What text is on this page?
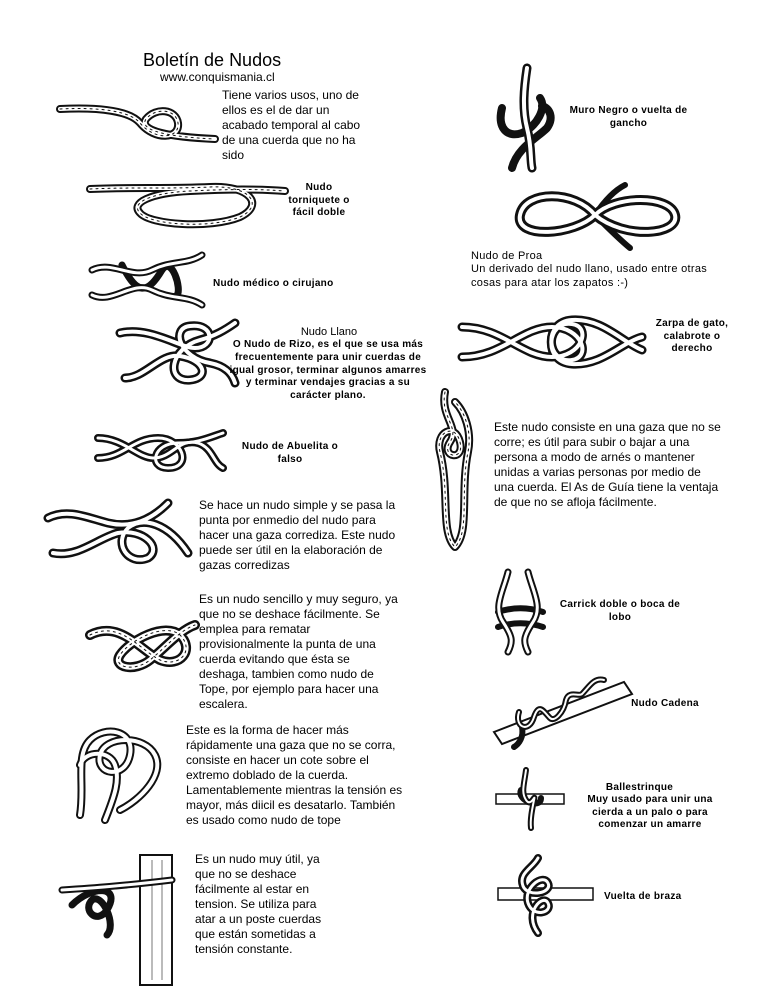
Boletín de Nudos
www.conquismania.cl
Tiene varios usos, uno de ellos es el de dar un acabado temporal al cabo de una cuerda que no ha sido
Nudo torniquete o fácil doble
Nudo médico o cirujano
Nudo Llano
O Nudo de Rizo, es el que se usa más frecuentemente para unir cuerdas de igual grosor, terminar algunos amarres y terminar vendajes gracias a su carácter plano.
Nudo de Abuelita o falso
Se hace un nudo simple y se pasa la punta por enmedio del nudo para hacer una gaza corrediza. Este nudo puede ser útil en la elaboración de gazas corredizas
Es un nudo sencillo y muy seguro, ya que no se deshace fácilmente. Se emplea para rematar provisionalmente la punta de una cuerda evitando que ésta se deshaga, tambien como nudo de Tope, por ejemplo para hacer una escalera.
Este es la forma de hacer más rápidamente una gaza que no se corra, consiste en hacer un cote sobre el extremo doblado de la cuerda. Lamentablemente mientras la tensión es mayor, más diicil es desatarlo. También es usado como nudo de tope
Es un nudo muy útil, ya que no se deshace fácilmente al estar en tension. Se utiliza para atar a un poste cuerdas que están sometidas a tensión constante.
Muro Negro o vuelta de gancho
Nudo de Proa
Un derivado del nudo llano, usado entre otras cosas para atar los zapatos :-)
Zarpa de gato, calabrote o derecho
Este nudo consiste en una gaza que no se corre; es útil para subir o bajar a una persona a modo de arnés o mantener unidas a varias personas por medio de una cuerda. El As de Guía tiene la ventaja de que no se afloja fácilmente.
Carrick doble o boca de lobo
Nudo Cadena
Ballestrinque
Muy usado para unir una cierda a un palo o para comenzar un amarre
Vuelta de braza
